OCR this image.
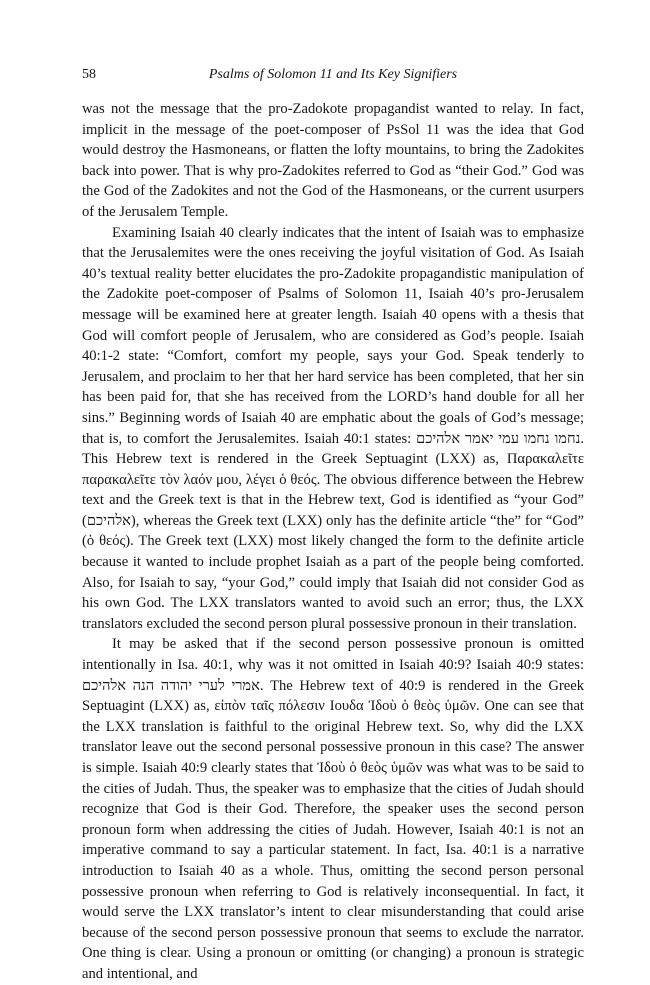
58	Psalms of Solomon 11 and Its Key Signifiers

was not the message that the pro-Zadokote propagandist wanted to relay. In fact, implicit in the message of the poet-composer of PsSol 11 was the idea that God would destroy the Hasmoneans, or flatten the lofty mountains, to bring the Zadokites back into power. That is why pro-Zadokites referred to God as “their God.” God was the God of the Zadokites and not the God of the Hasmoneans, or the current usurpers of the Jerusalem Temple.

Examining Isaiah 40 clearly indicates that the intent of Isaiah was to emphasize that the Jerusalemites were the ones receiving the joyful visitation of God. As Isaiah 40’s textual reality better elucidates the pro-Zadokite propagandistic manipulation of the Zadokite poet-composer of Psalms of Solomon 11, Isaiah 40’s pro-Jerusalem message will be examined here at greater length. Isaiah 40 opens with a thesis that God will comfort people of Jerusalem, who are considered as God’s people. Isaiah 40:1-2 state: “Comfort, comfort my people, says your God. Speak tenderly to Jerusalem, and proclaim to her that her hard service has been completed, that her sin has been paid for, that she has received from the LORD’s hand double for all her sins.” Beginning words of Isaiah 40 are emphatic about the goals of God’s message; that is, to comfort the Jerusalemites. Isaiah 40:1 states: ‏נחמו נחמו עמי יאמר אלהיכם‎. This Hebrew text is rendered in the Greek Septuagint (LXX) as, Παρακαλεῖτε παρακαλεῖτε τὸν λαόν μου, λέγει ὁ θεός. The obvious difference between the Hebrew text and the Greek text is that in the Hebrew text, God is identified as “your God” (‏אלהיכם‎), whereas the Greek text (LXX) only has the definite article “the” for “God” (ὁ θεός). The Greek text (LXX) most likely changed the form to the definite article because it wanted to include prophet Isaiah as a part of the people being comforted. Also, for Isaiah to say, “your God,” could imply that Isaiah did not consider God as his own God. The LXX translators wanted to avoid such an error; thus, the LXX translators excluded the second person plural possessive pronoun in their translation.

It may be asked that if the second person possessive pronoun is omitted intentionally in Isa. 40:1, why was it not omitted in Isaiah 40:9? Isaiah 40:9 states: ‏אמרי לערי יהודה הנה אלהיכם‎. The Hebrew text of 40:9 is rendered in the Greek Septuagint (LXX) as, εἰπὸν ταῖς πόλεσιν Ιουδα Ἰδοὺ ὁ θεὸς ὑμῶν. One can see that the LXX translation is faithful to the original Hebrew text. So, why did the LXX translator leave out the second personal possessive pronoun in this case? The answer is simple. Isaiah 40:9 clearly states that Ἰδοὺ ὁ θεὸς ὑμῶν was what was to be said to the cities of Judah. Thus, the speaker was to emphasize that the cities of Judah should recognize that God is their God. Therefore, the speaker uses the second person pronoun form when addressing the cities of Judah. However, Isaiah 40:1 is not an imperative command to say a particular statement. In fact, Isa. 40:1 is a narrative introduction to Isaiah 40 as a whole. Thus, omitting the second person personal possessive pronoun when referring to God is relatively inconsequential. In fact, it would serve the LXX translator’s intent to clear misunderstanding that could arise because of the second person possessive pronoun that seems to exclude the narrator. One thing is clear. Using a pronoun or omitting (or changing) a pronoun is strategic and intentional, and
